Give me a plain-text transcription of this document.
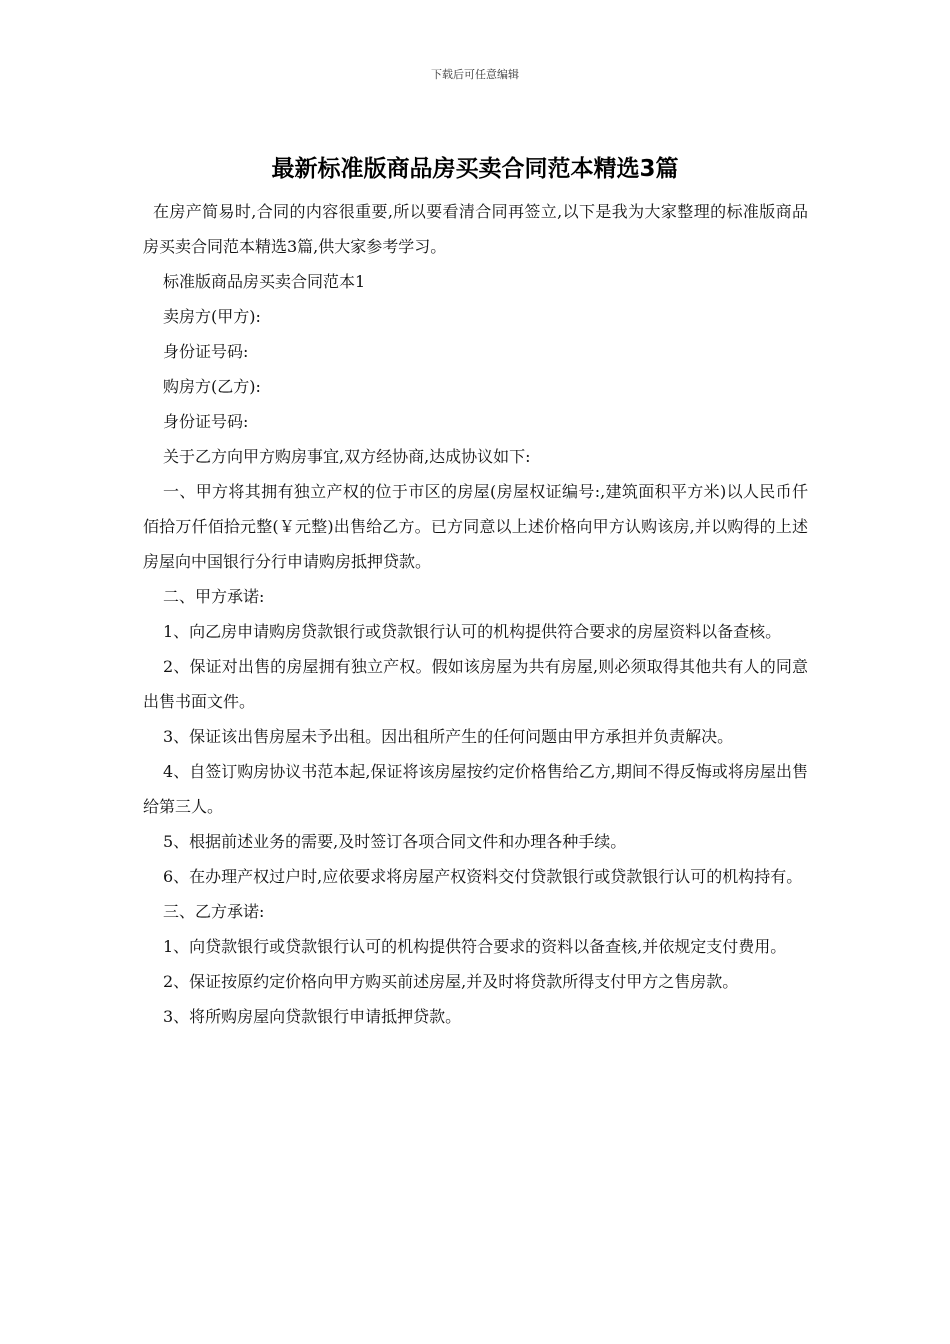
下载后可任意编辑
最新标准版商品房买卖合同范本精选3篇

在房产简易时,合同的内容很重要,所以要看清合同再签立,以下是我为大家整理的标准版商品房买卖合同范本精选3篇,供大家参考学习。

标准版商品房买卖合同范本1

卖房方(甲方):

身份证号码:

购房方(乙方):

身份证号码:

关于乙方向甲方购房事宜,双方经协商,达成协议如下:

一、甲方将其拥有独立产权的位于市区的房屋(房屋权证编号:,建筑面积平方米)以人民币仟佰拾万仟佰拾元整(￥元整)出售给乙方。已方同意以上述价格向甲方认购该房,并以购得的上述房屋向中国银行分行申请购房抵押贷款。

二、甲方承诺:

1、向乙房申请购房贷款银行或贷款银行认可的机构提供符合要求的房屋资料以备查核。

2、保证对出售的房屋拥有独立产权。假如该房屋为共有房屋,则必须取得其他共有人的同意出售书面文件。

3、保证该出售房屋未予出租。因出租所产生的任何问题由甲方承担并负责解决。

4、自签订购房协议书范本起,保证将该房屋按约定价格售给乙方,期间不得反悔或将房屋出售给第三人。

5、根据前述业务的需要,及时签订各项合同文件和办理各种手续。

6、在办理产权过户时,应依要求将房屋产权资料交付贷款银行或贷款银行认可的机构持有。

三、乙方承诺:

1、向贷款银行或贷款银行认可的机构提供符合要求的资料以备查核,并依规定支付费用。

2、保证按原约定价格向甲方购买前述房屋,并及时将贷款所得支付甲方之售房款。

3、将所购房屋向贷款银行申请抵押贷款。
